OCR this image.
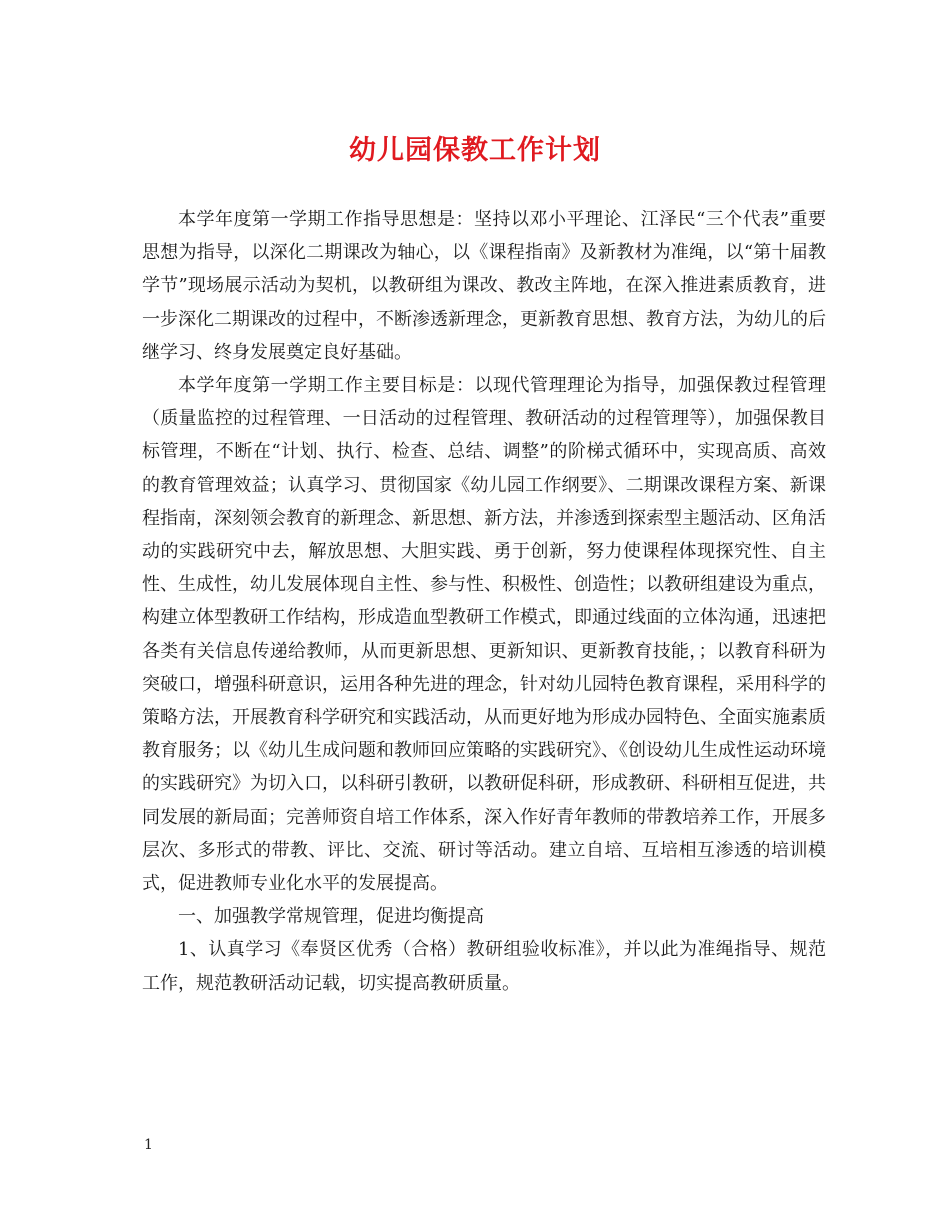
幼儿园保教工作计划

本学年度第一学期工作指导思想是：坚持以邓小平理论、江泽民“三个代表”重要思想为指导，以深化二期课改为轴心，以《课程指南》及新教材为准绳，以“第十届教学节”现场展示活动为契机，以教研组为课改、教改主阵地，在深入推进素质教育，进一步深化二期课改的过程中，不断渗透新理念，更新教育思想、教育方法，为幼儿的后继学习、终身发展奠定良好基础。

本学年度第一学期工作主要目标是：以现代管理理论为指导，加强保教过程管理（质量监控的过程管理、一日活动的过程管理、教研活动的过程管理等），加强保教目标管理，不断在“计划、执行、检查、总结、调整”的阶梯式循环中，实现高质、高效的教育管理效益；认真学习、贯彻国家《幼儿园工作纲要》、二期课改课程方案、新课程指南，深刻领会教育的新理念、新思想、新方法，并渗透到探索型主题活动、区角活动的实践研究中去，解放思想、大胆实践、勇于创新，努力使课程体现探究性、自主性、生成性，幼儿发展体现自主性、参与性、积极性、创造性；以教研组建设为重点，构建立体型教研工作结构，形成造血型教研工作模式，即通过线面的立体沟通，迅速把各类有关信息传递给教师，从而更新思想、更新知识、更新教育技能，；以教育科研为突破口，增强科研意识，运用各种先进的理念，针对幼儿园特色教育课程，采用科学的策略方法，开展教育科学研究和实践活动，从而更好地为形成办园特色、全面实施素质教育服务；以《幼儿生成问题和教师回应策略的实践研究》、《创设幼儿生成性运动环境的实践研究》为切入口，以科研引教研，以教研促科研，形成教研、科研相互促进，共同发展的新局面；完善师资自培工作体系，深入作好青年教师的带教培养工作，开展多层次、多形式的带教、评比、交流、研讨等活动。建立自培、互培相互渗透的培训模式，促进教师专业化水平的发展提高。

一、加强教学常规管理，促进均衡提高

1、认真学习《奉贤区优秀（合格）教研组验收标准》，并以此为准绳指导、规范工作，规范教研活动记载，切实提高教研质量。

1
